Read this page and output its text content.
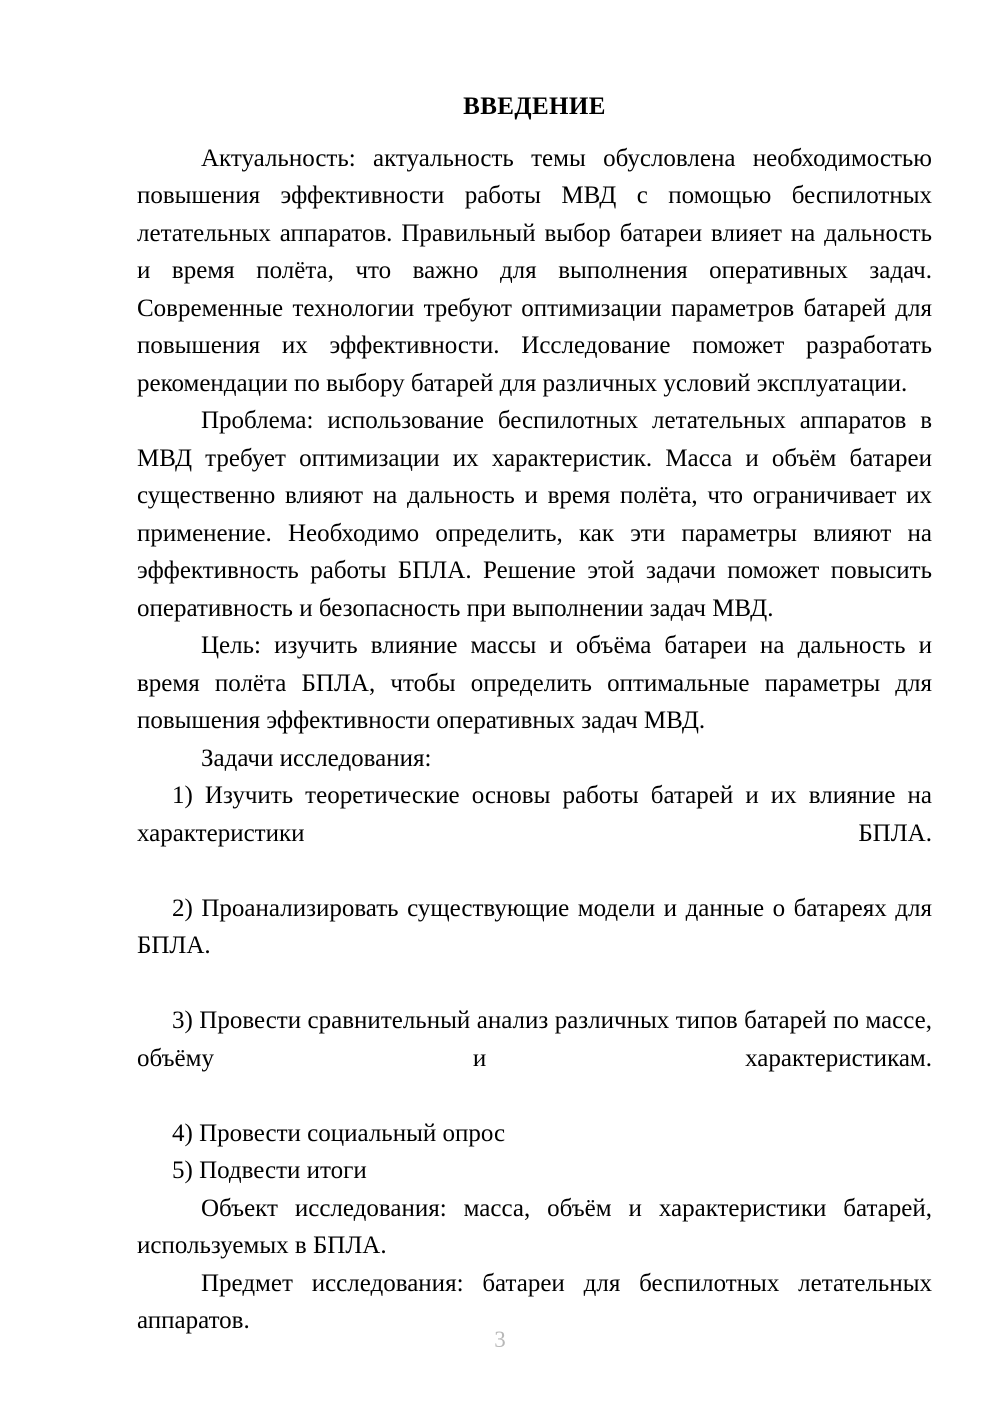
ВВЕДЕНИЕ

Актуальность: актуальность темы обусловлена необходимостью повышения эффективности работы МВД с помощью беспилотных летательных аппаратов. Правильный выбор батареи влияет на дальность и время полёта, что важно для выполнения оперативных задач. Современные технологии требуют оптимизации параметров батарей для повышения их эффективности. Исследование поможет разработать рекомендации по выбору батарей для различных условий эксплуатации.

Проблема: использование беспилотных летательных аппаратов в МВД требует оптимизации их характеристик. Масса и объём батареи существенно влияют на дальность и время полёта, что ограничивает их применение. Необходимо определить, как эти параметры влияют на эффективность работы БПЛА. Решение этой задачи поможет повысить оперативность и безопасность при выполнении задач МВД.

Цель: изучить влияние массы и объёма батареи на дальность и время полёта БПЛА, чтобы определить оптимальные параметры для повышения эффективности оперативных задач МВД.

Задачи исследования:

1) Изучить теоретические основы работы батарей и их влияние на характеристики БПЛА.

2) Проанализировать существующие модели и данные о батареях для БПЛА.

3) Провести сравнительный анализ различных типов батарей по массе, объёму и характеристикам.

4) Провести социальный опрос

5) Подвести итоги

Объект исследования: масса, объём и характеристики батарей, используемых в БПЛА.

Предмет исследования: батареи для беспилотных летательных аппаратов.

3
